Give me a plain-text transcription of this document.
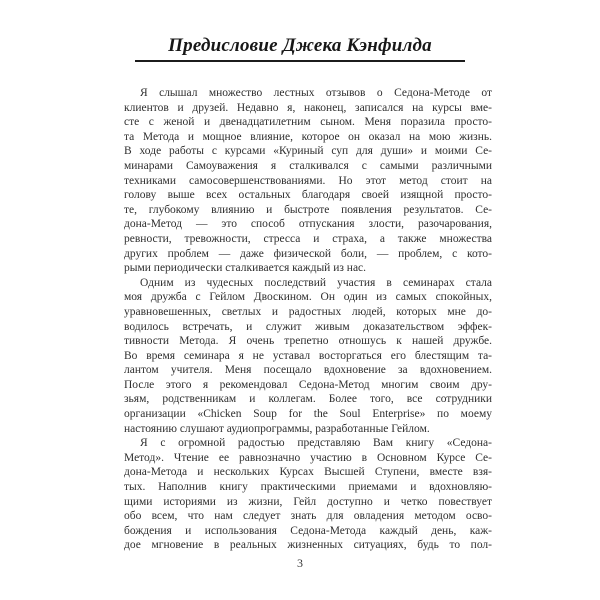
Предисловие Джека Кэнфилда
Я слышал множество лестных отзывов о Седона-Методе от
клиентов и друзей. Недавно я, наконец, записался на курсы вме-
сте с женой и двенадцатилетним сыном. Меня поразила просто-
та Метода и мощное влияние, которое он оказал на мою жизнь.
В ходе работы с курсами «Куриный суп для души» и моими Се-
минарами Самоуважения я сталкивался с самыми различными
техниками самосовершенствованиями. Но этот метод стоит на
голову выше всех остальных благодаря своей изящной просто-
те, глубокому влиянию и быстроте появления результатов. Се-
дона-Метод — это способ отпускания злости, разочарования,
ревности, тревожности, стресса и страха, а также множества
других проблем — даже физической боли, — проблем, с кото-
рыми периодически сталкивается каждый из нас.
Одним из чудесных последствий участия в семинарах стала
моя дружба с Гейлом Двоскином. Он один из самых спокойных,
уравновешенных, светлых и радостных людей, которых мне до-
водилось встречать, и служит живым доказательством эффек-
тивности Метода. Я очень трепетно отношусь к нашей дружбе.
Во время семинара я не уставал восторгаться его блестящим та-
лантом учителя. Меня посещало вдохновение за вдохновением.
После этого я рекомендовал Седона-Метод многим своим дру-
зьям, родственникам и коллегам. Более того, все сотрудники
организации «Chicken Soup for the Soul Enterprise» по моему
настоянию слушают аудиопрограммы, разработанные Гейлом.
Я с огромной радостью представляю Вам книгу «Седона-
Метод». Чтение ее равнозначно участию в Основном Курсе Се-
дона-Метода и нескольких Курсах Высшей Ступени, вместе взя-
тых. Наполнив книгу практическими приемами и вдохновляю-
щими историями из жизни, Гейл доступно и четко повествует
обо всем, что нам следует знать для овладения методом осво-
бождения и использования Седона-Метода каждый день, каж-
дое мгновение в реальных жизненных ситуациях, будь то пол-
3
